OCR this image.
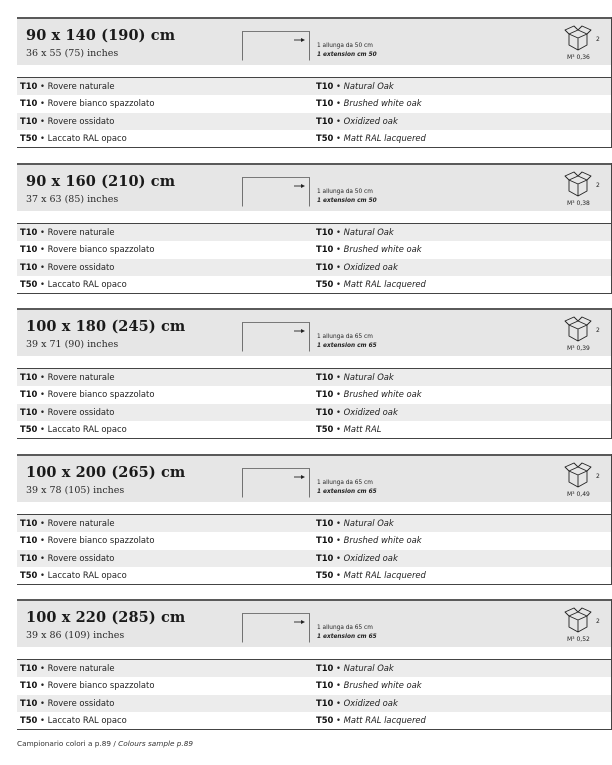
90 x 140 (190) cm
36 x 55 (75) inches
1 allunga da 50 cm
1 extension cm 50
2
M³ 0,36
T10 • Rovere naturale	T10 • Natural Oak
T10 • Rovere bianco spazzolato	T10 • Brushed white oak
T10 • Rovere ossidato	T10 • Oxidized oak
T50 • Laccato RAL opaco	T50 • Matt RAL lacquered
90 x 160 (210) cm
37 x 63 (85) inches
1 allunga da 50 cm
1 extension cm 50
2
M³ 0,38
T10 • Rovere naturale	T10 • Natural Oak
T10 • Rovere bianco spazzolato	T10 • Brushed white oak
T10 • Rovere ossidato	T10 • Oxidized oak
T50 • Laccato RAL opaco	T50 • Matt RAL lacquered
100 x 180 (245) cm
39 x 71 (90) inches
1 allunga da 65 cm
1 extension cm 65
2
M³ 0,39
T10 • Rovere naturale	T10 • Natural Oak
T10 • Rovere bianco spazzolato	T10 • Brushed white oak
T10 • Rovere ossidato	T10 • Oxidized oak
T50 • Laccato RAL opaco	T50 • Matt RAL
100 x 200 (265) cm
39 x 78 (105) inches
1 allunga da 65 cm
1 extension cm 65
2
M³ 0,49
T10 • Rovere naturale	T10 • Natural Oak
T10 • Rovere bianco spazzolato	T10 • Brushed white oak
T10 • Rovere ossidato	T10 • Oxidized oak
T50 • Laccato RAL opaco	T50 • Matt RAL lacquered
100 x 220 (285) cm
39 x 86 (109) inches
1 allunga da 65 cm
1 extension cm 65
2
M³ 0,52
T10 • Rovere naturale	T10 • Natural Oak
T10 • Rovere bianco spazzolato	T10 • Brushed white oak
T10 • Rovere ossidato	T10 • Oxidized oak
T50 • Laccato RAL opaco	T50 • Matt RAL lacquered
Campionario colori a p.89 / Colours sample p.89
